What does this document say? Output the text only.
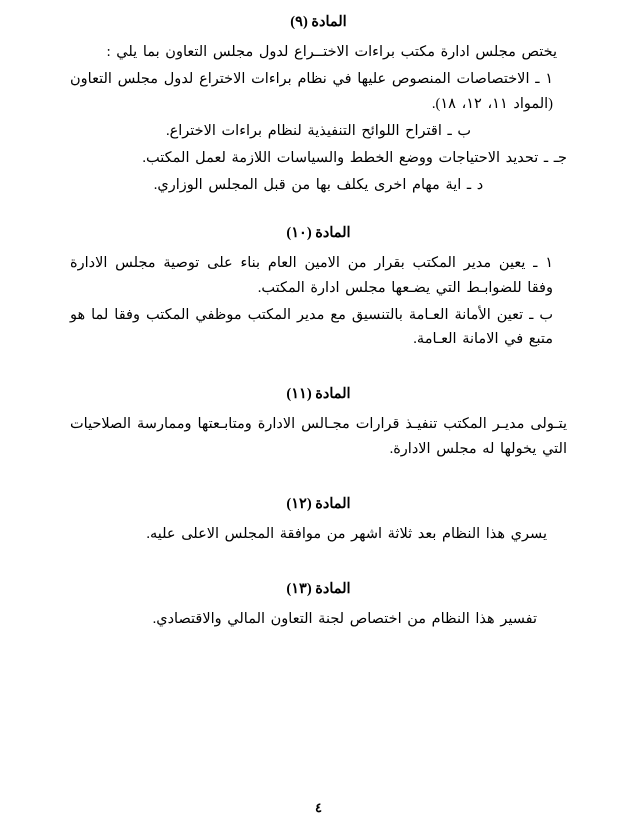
المادة (٩)
يختص مجلس ادارة مكتب براءات الاختــراع لدول مجلس التعاون بما يلي :
١ ـ الاختصاصات المنصوص عليها في نظام براءات الاختراع لدول مجلس التعاون (المواد ١١، ١٢، ١٨).
ب ـ اقتراح اللوائح التنفيذية لنظام براءات الاختراع.
جـ ـ تحديد الاحتياجات ووضع الخطط والسياسات اللازمة لعمل المكتب.
د ـ اية مهام اخرى يكلف بها من قبل المجلس الوزاري.
المادة (١٠)
١ ـ يعين مدير المكتب بقرار من الامين العام بناء على توصية مجلس الادارة وفقا للضوابـط التي يضـعها مجلس ادارة المكتب.
ب ـ تعين الأمانة العـامة بالتنسيق مع مدير المكتب موظفي المكتب وفقا لما هو متبع في الامانة العـامة.
المادة (١١)
يتـولى مديـر المكتب تنفيـذ قرارات مجـالس الادارة ومتابـعتها وممارسة الصلاحيات التي يخولها له مجلس الادارة.
المادة (١٢)
يسري هذا النظام بعد ثلاثة اشهر من موافقة المجلس الاعلى عليه.
المادة (١٣)
تفسير هذا النظام من اختصاص لجنة التعاون المالي والاقتصادي.
٤
